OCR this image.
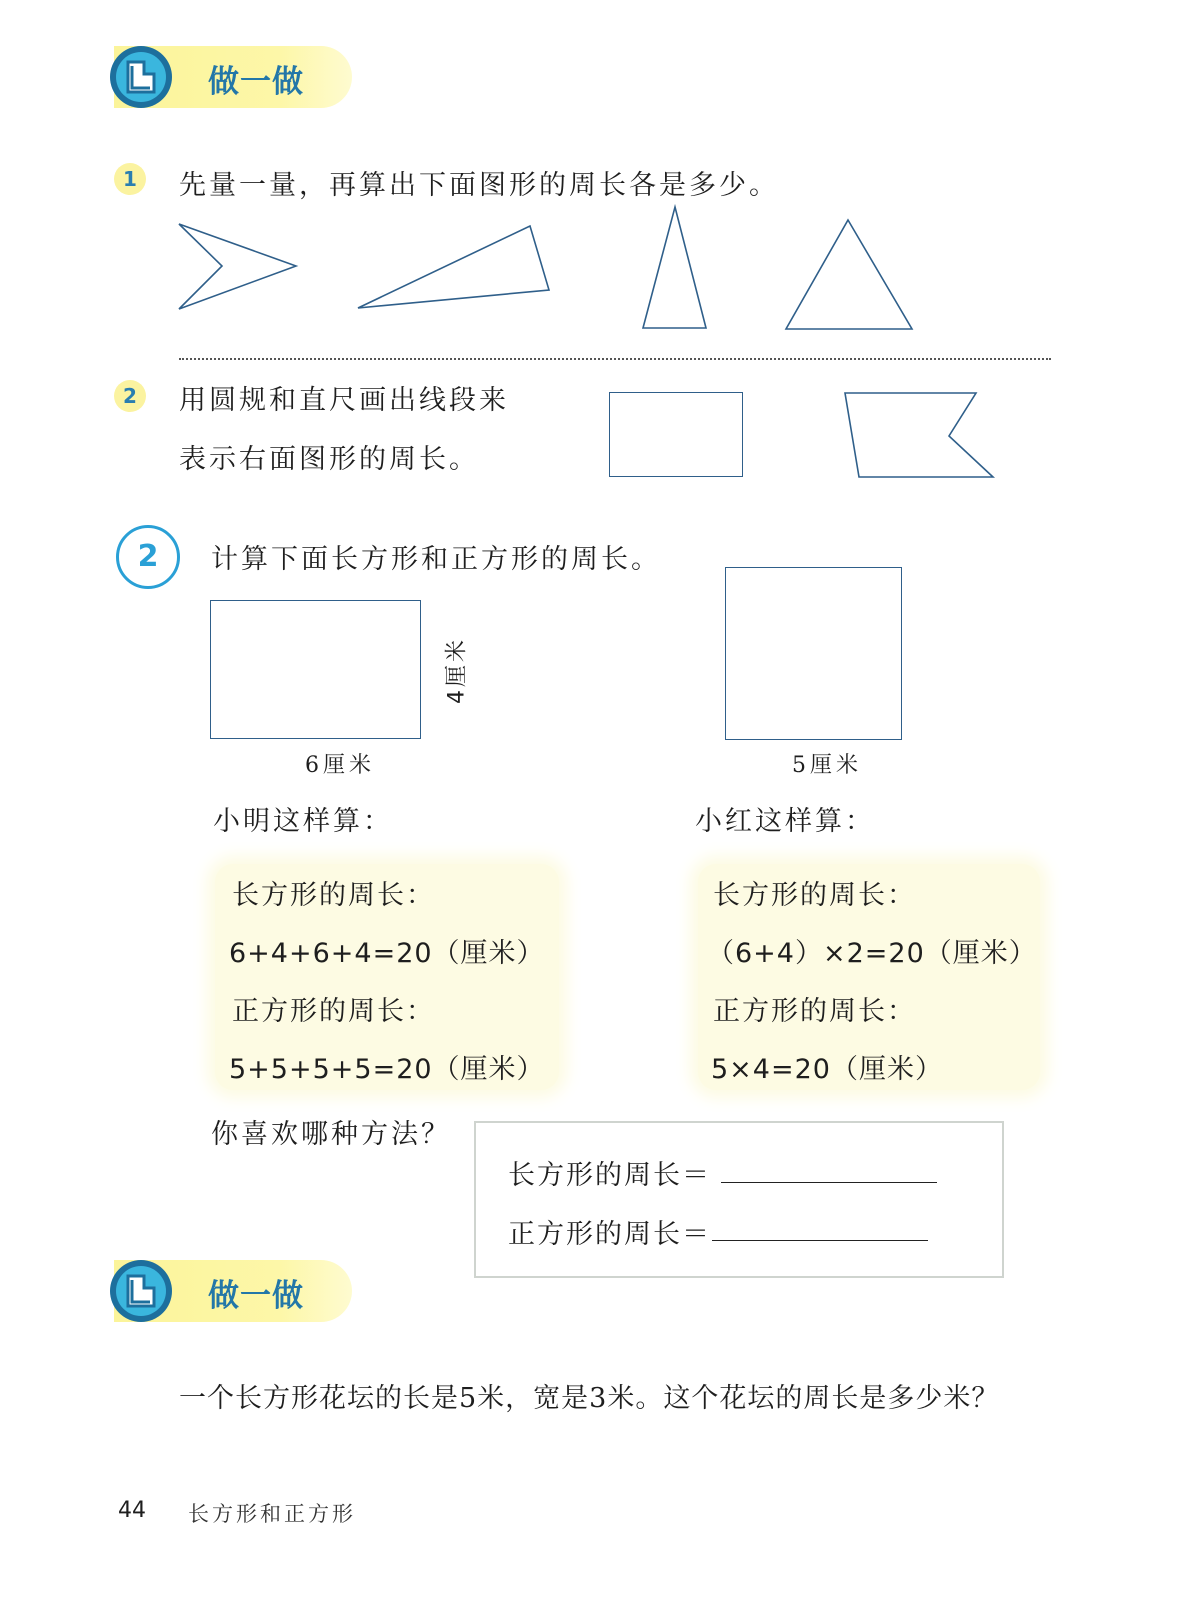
做一做
1	先量一量，再算出下面图形的周长各是多少。
2	用圆规和直尺画出线段来
表示右面图形的周长。
2	计算下面长方形和正方形的周长。
4厘米
6厘米	5厘米
小明这样算：	小红这样算：
长方形的周长：
6+4+6+4=20（厘米）
正方形的周长：
5+5+5+5=20（厘米）
长方形的周长：
（6+4）×2=20（厘米）
正方形的周长：
5×4=20（厘米）
你喜欢哪种方法？
长方形的周长＝
正方形的周长＝
做一做
一个长方形花坛的长是5米，宽是3米。这个花坛的周长是多少米？
44 长方形和正方形
